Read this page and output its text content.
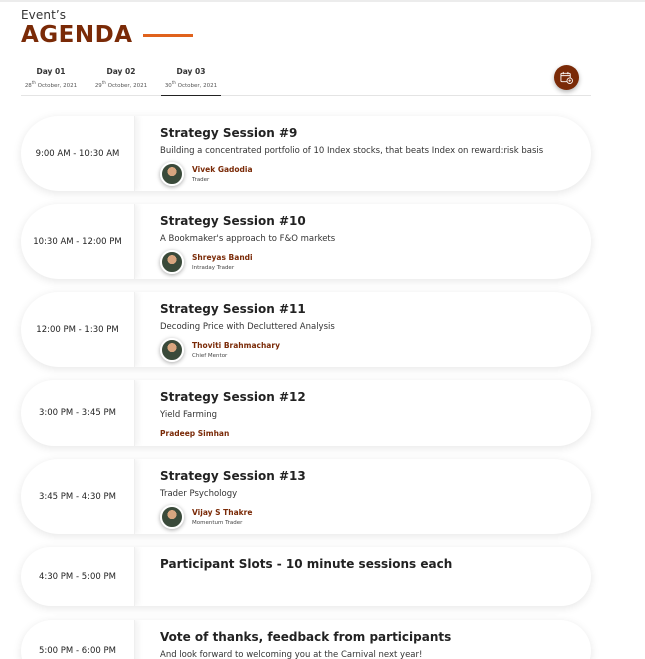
Event’s
AGENDA
Day 01
28th October, 2021
Day 02
29th October, 2021
Day 03
30th October, 2021
9:00 AM - 10:30 AM
Strategy Session #9
Building a concentrated portfolio of 10 Index stocks, that beats Index on reward:risk basis
Vivek Gadodia
Trader
10:30 AM - 12:00 PM
Strategy Session #10
A Bookmaker's approach to F&O markets
Shreyas Bandi
Intraday Trader
12:00 PM - 1:30 PM
Strategy Session #11
Decoding Price with Decluttered Analysis
Thoviti Brahmachary
Chief Mentor
3:00 PM - 3:45 PM
Strategy Session #12
Yield Farming
Pradeep Simhan
3:45 PM - 4:30 PM
Strategy Session #13
Trader Psychology
Vijay S Thakre
Momentum Trader
4:30 PM - 5:00 PM
Participant Slots - 10 minute sessions each
5:00 PM - 6:00 PM
Vote of thanks, feedback from participants
And look forward to welcoming you at the Carnival next year!
